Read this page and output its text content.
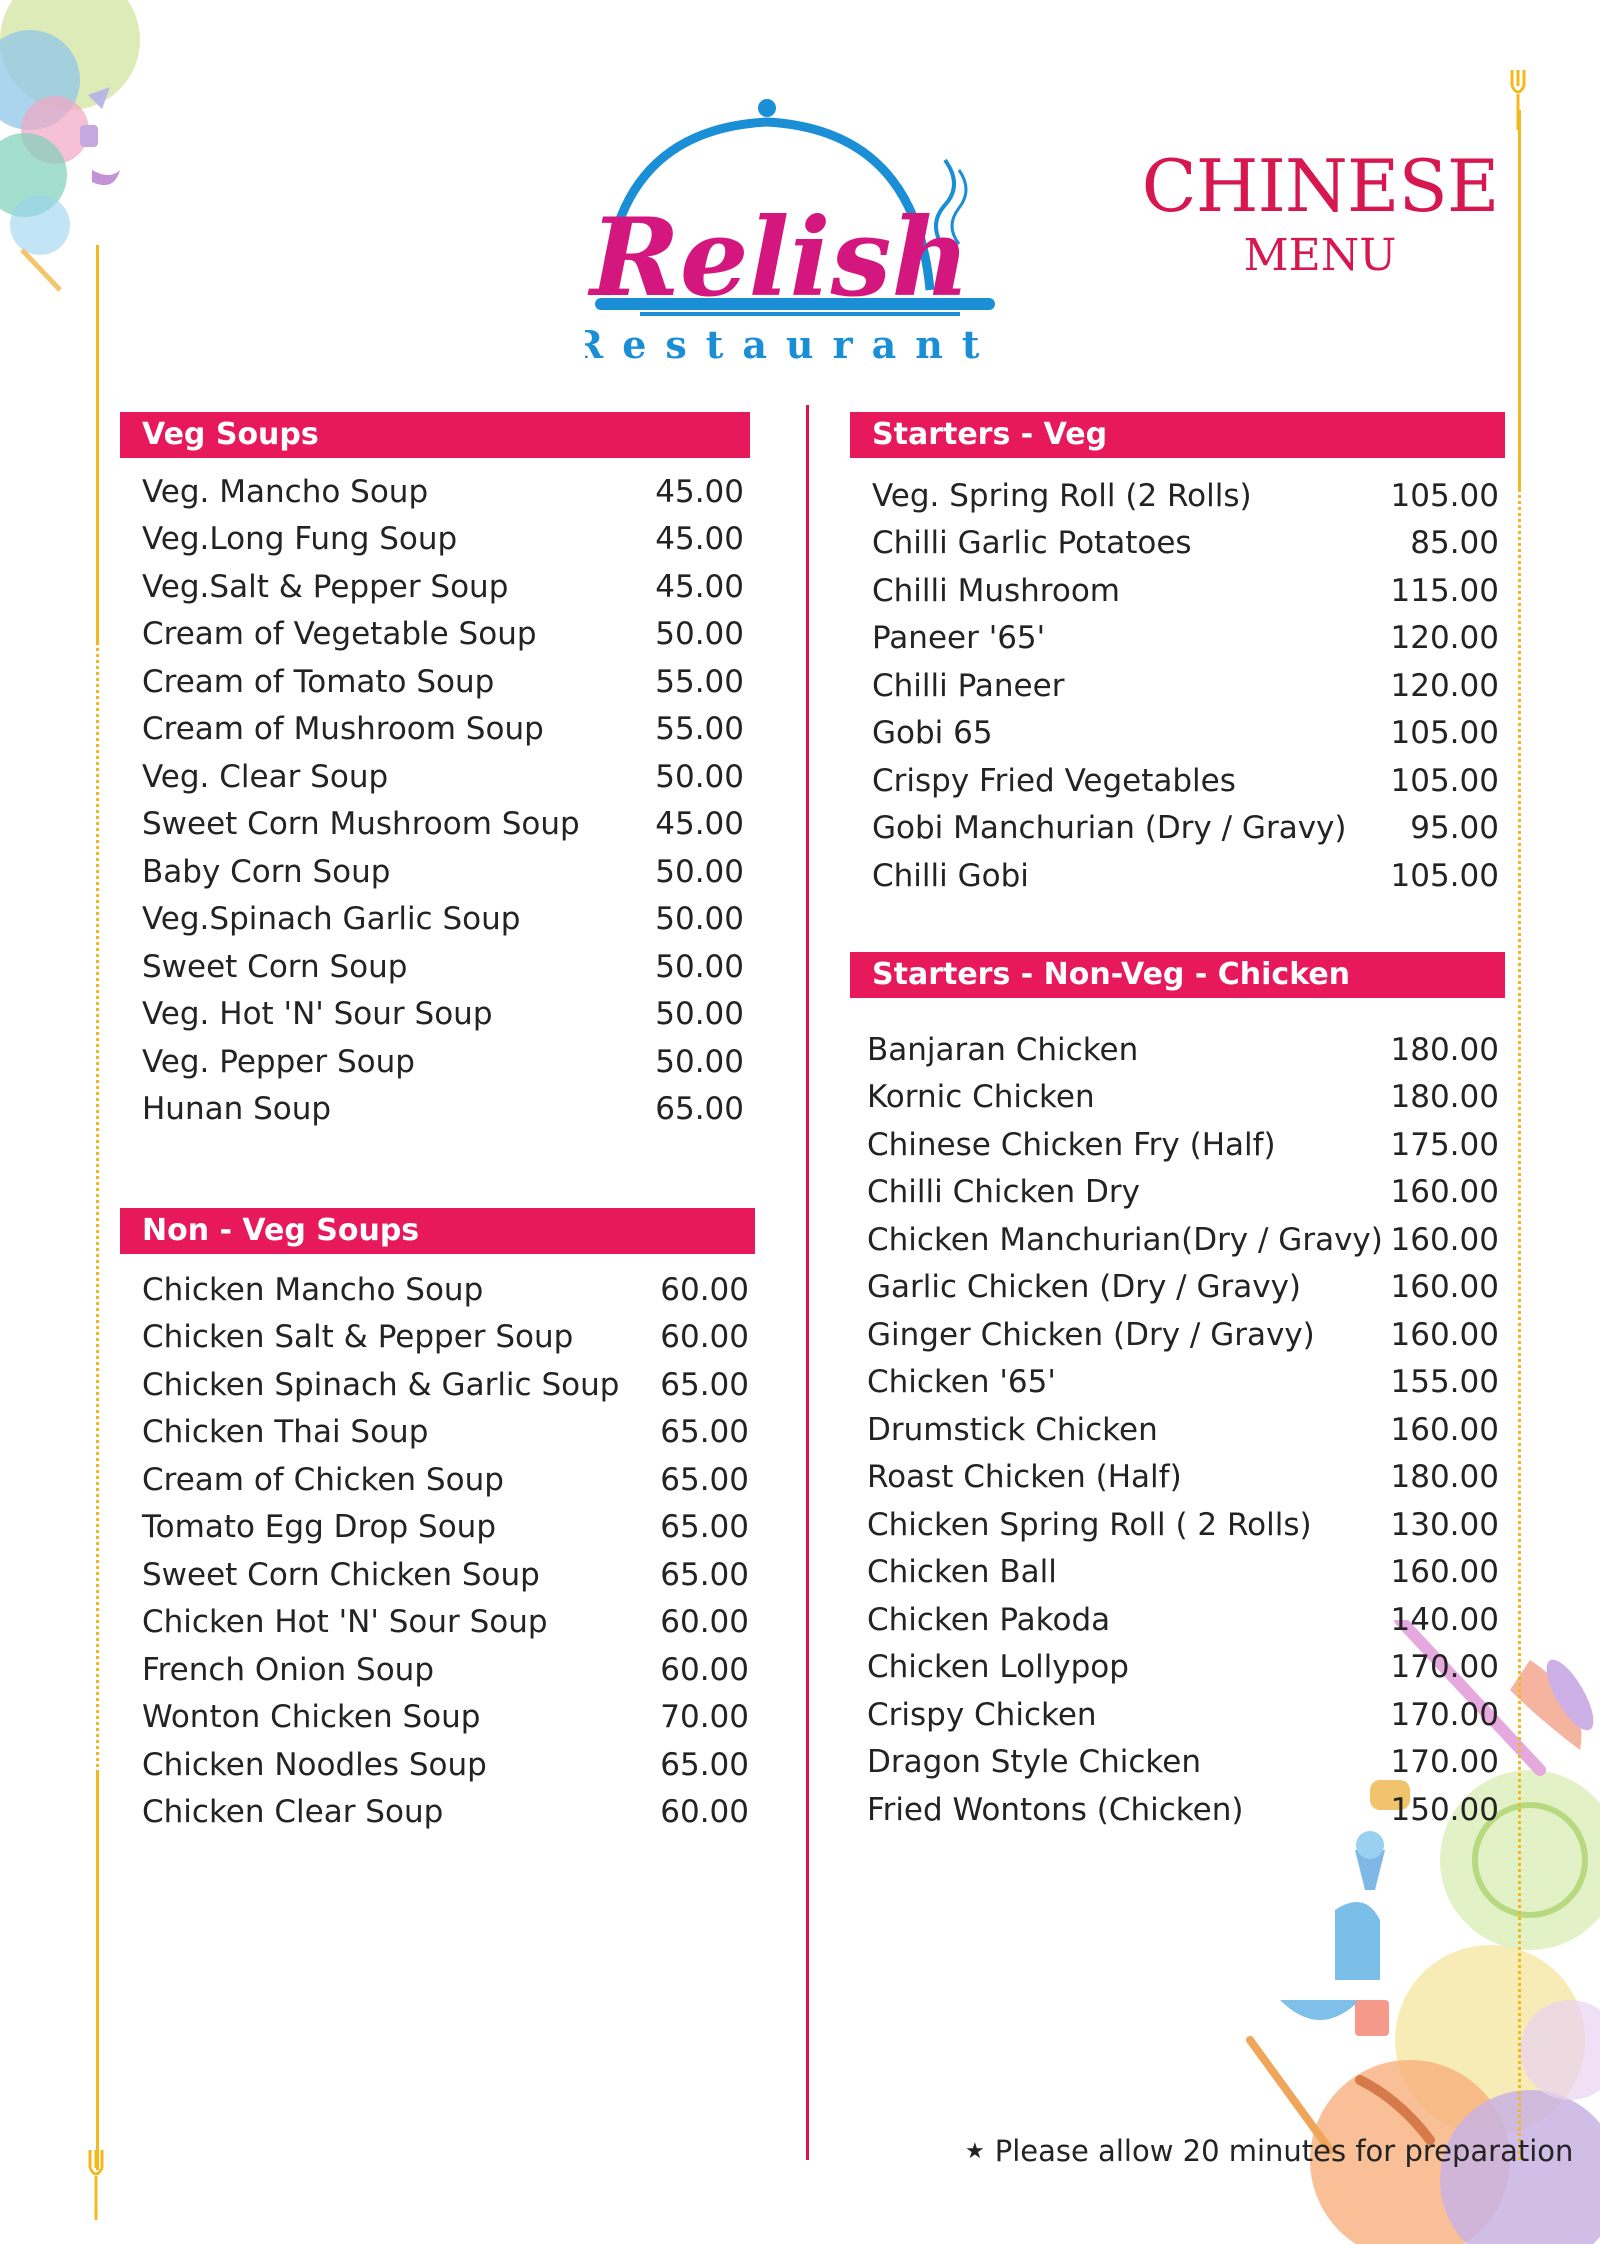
Relish
Restaurant
CHINESE
MENU
Veg Soups
Veg. Mancho Soup	45.00
Veg.Long Fung Soup	45.00
Veg.Salt & Pepper Soup	45.00
Cream of Vegetable Soup	50.00
Cream of Tomato Soup	55.00
Cream of Mushroom Soup	55.00
Veg. Clear Soup	50.00
Sweet Corn Mushroom Soup 45.00
Baby Corn Soup	50.00
Veg.Spinach Garlic Soup	50.00
Sweet Corn Soup	50.00
Veg. Hot 'N' Sour Soup	50.00
Veg. Pepper Soup	50.00
Hunan Soup	65.00
Non - Veg Soups
Chicken Mancho Soup	60.00
Chicken Salt & Pepper Soup	60.00
Chicken Spinach & Garlic Soup 65.00
Chicken Thai Soup	65.00
Cream of Chicken Soup	65.00
Tomato Egg Drop Soup	65.00
Sweet Corn Chicken Soup	65.00
Chicken Hot 'N' Sour Soup	60.00
French Onion Soup	60.00
Wonton Chicken Soup	70.00
Chicken Noodles Soup	65.00
Chicken Clear Soup	60.00
Starters - Veg
Veg. Spring Roll (2 Rolls)	105.00
Chilli Garlic Potatoes	85.00
Chilli Mushroom	115.00
Paneer '65'	120.00
Chilli Paneer	120.00
Gobi 65	105.00
Crispy Fried Vegetables	105.00
Gobi Manchurian (Dry / Gravy) 95.00
Chilli Gobi	105.00
Starters - Non-Veg - Chicken
Banjaran Chicken	180.00
Kornic Chicken	180.00
Chinese Chicken Fry (Half)	175.00
Chilli Chicken Dry	160.00
Chicken Manchurian(Dry / Gravy) 160.00
Garlic Chicken (Dry / Gravy)	160.00
Ginger Chicken (Dry / Gravy) 160.00
Chicken '65'	155.00
Drumstick Chicken	160.00
Roast Chicken (Half)	180.00
Chicken Spring Roll ( 2 Rolls)	130.00
Chicken Ball	160.00
Chicken Pakoda	140.00
Chicken Lollypop	170.00
Crispy Chicken	170.00
Dragon Style Chicken	170.00
Fried Wontons (Chicken)	150.00
★ Please allow 20 minutes for preparation
